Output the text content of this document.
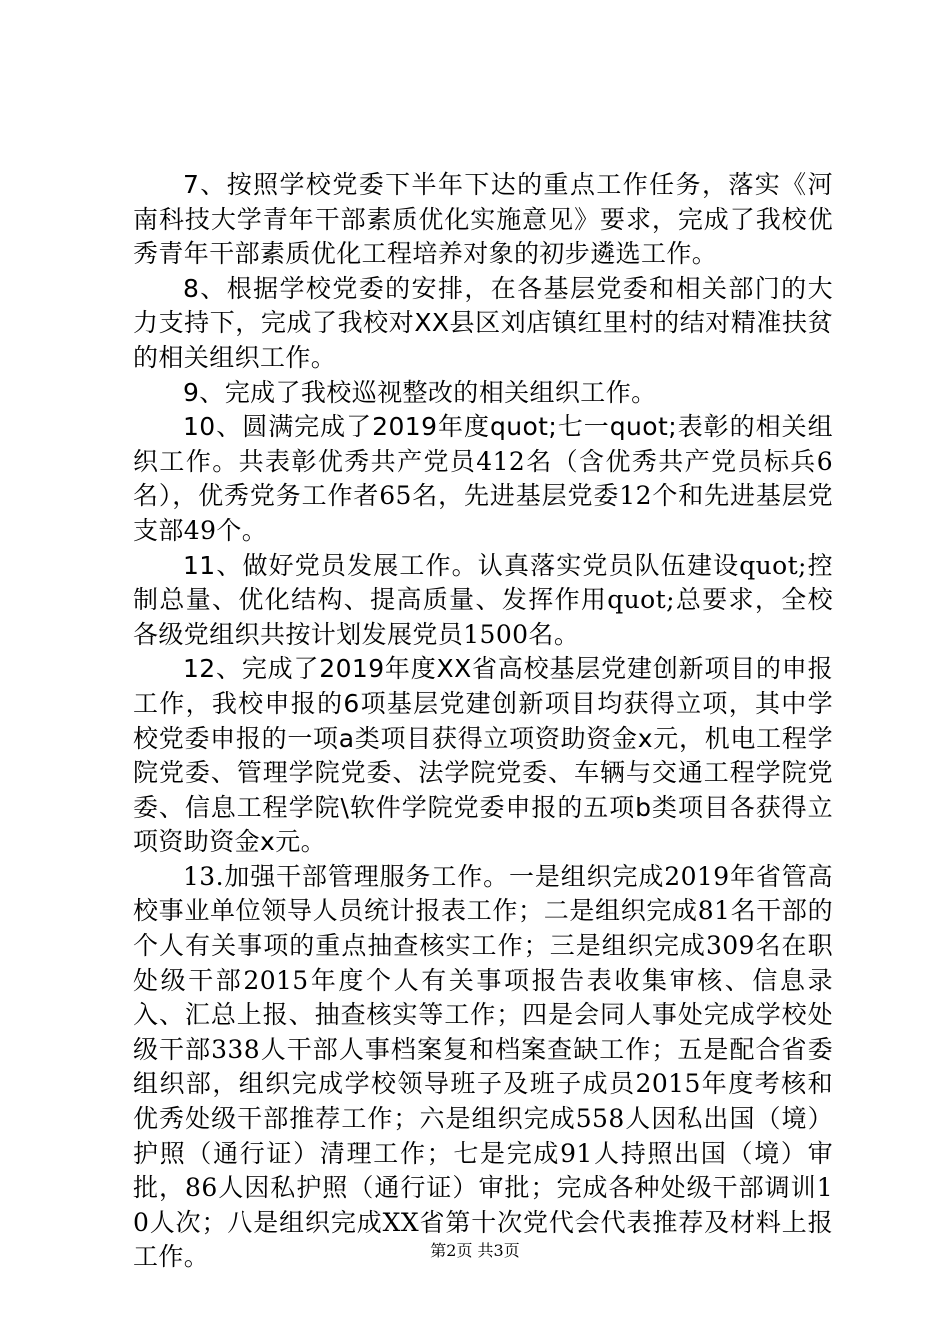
7、按照学校党委下半年下达的重点工作任务，落实《河南科技大学青年干部素质优化实施意见》要求，完成了我校优秀青年干部素质优化工程培养对象的初步遴选工作。

8、根据学校党委的安排，在各基层党委和相关部门的大力支持下，完成了我校对XX县区刘店镇红里村的结对精准扶贫的相关组织工作。

9、完成了我校巡视整改的相关组织工作。

10、圆满完成了2019年度quot;七一quot;表彰的相关组织工作。共表彰优秀共产党员412名（含优秀共产党员标兵6名），优秀党务工作者65名，先进基层党委12个和先进基层党支部49个。

11、做好党员发展工作。认真落实党员队伍建设quot;控制总量、优化结构、提高质量、发挥作用quot;总要求，全校各级党组织共按计划发展党员1500名。

12、完成了2019年度XX省高校基层党建创新项目的申报工作，我校申报的6项基层党建创新项目均获得立项，其中学校党委申报的一项a类项目获得立项资助资金x元，机电工程学院党委、管理学院党委、法学院党委、车辆与交通工程学院党委、信息工程学院\软件学院党委申报的五项b类项目各获得立项资助资金x元。

13.加强干部管理服务工作。一是组织完成2019年省管高校事业单位领导人员统计报表工作；二是组织完成81名干部的个人有关事项的重点抽查核实工作；三是组织完成309名在职处级干部2015年度个人有关事项报告表收集审核、信息录入、汇总上报、抽查核实等工作；四是会同人事处完成学校处级干部338人干部人事档案复和档案查缺工作；五是配合省委组织部，组织完成学校领导班子及班子成员2015年度考核和优秀处级干部推荐工作；六是组织完成558人因私出国（境）护照（通行证）清理工作；七是完成91人持照出国（境）审批，86人因私护照（通行证）审批；完成各种处级干部调训10人次；八是组织完成XX省第十次党代会代表推荐及材料上报工作。	第2页 共3页
